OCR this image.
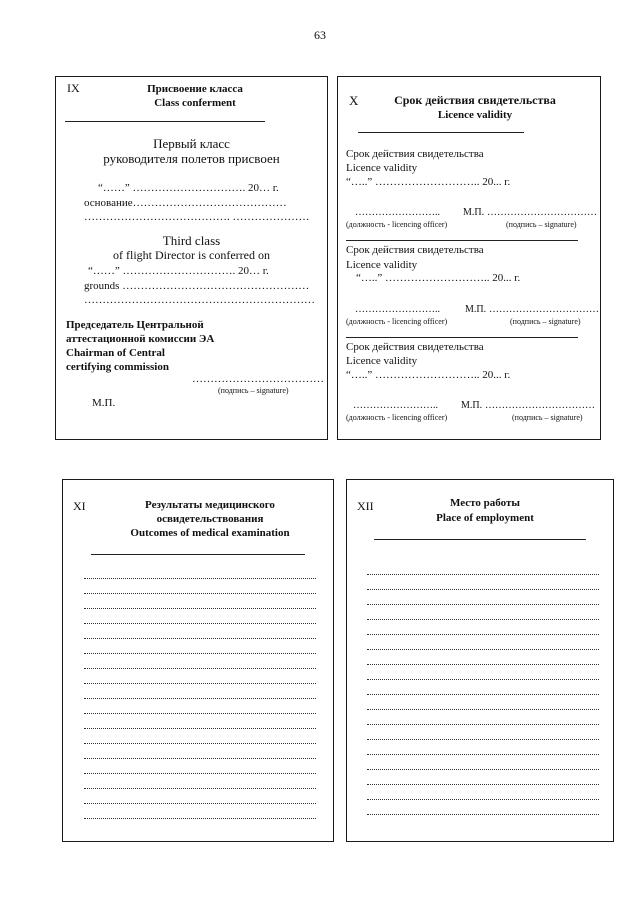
63
IX	Присвоение класса
Class conferment
Первый класс
руководителя полетов присвоен
“……” …………………………. 20… г.
основание……………………………………
…………………………………. …………………
Third class
of flight Director is conferred on
“……” …………………………. 20… г.
grounds ……………………………………………
………………………………………………………
Председатель Центральной
аттестационной комиссии ЭА
Chairman of Central
certifying commission
………………………………
(подпись – signature)
М.П.
X	Срок действия свидетельства
Licence validity
Срок действия свидетельства
Licence validity
“…..” ……………………….. 20... г.
…………………….. М.П. ……………………………
(должность - licencing officer)	(подпись – signature)
Срок действия свидетельства
Licence validity
“…..” ……………………….. 20... г.
……………………..	М.П. ……………………………
(должность - licencing officer)	(подпись – signature)
Срок действия свидетельства
Licence validity
“…..” ……………………….. 20... г.
…………………….. М.П. ……………………………
(должность - licencing officer)	(подпись – signature)
XI	Результаты медицинского
освидетельствования
Outcomes of medical examination
XII	Место работы
Place of employment
